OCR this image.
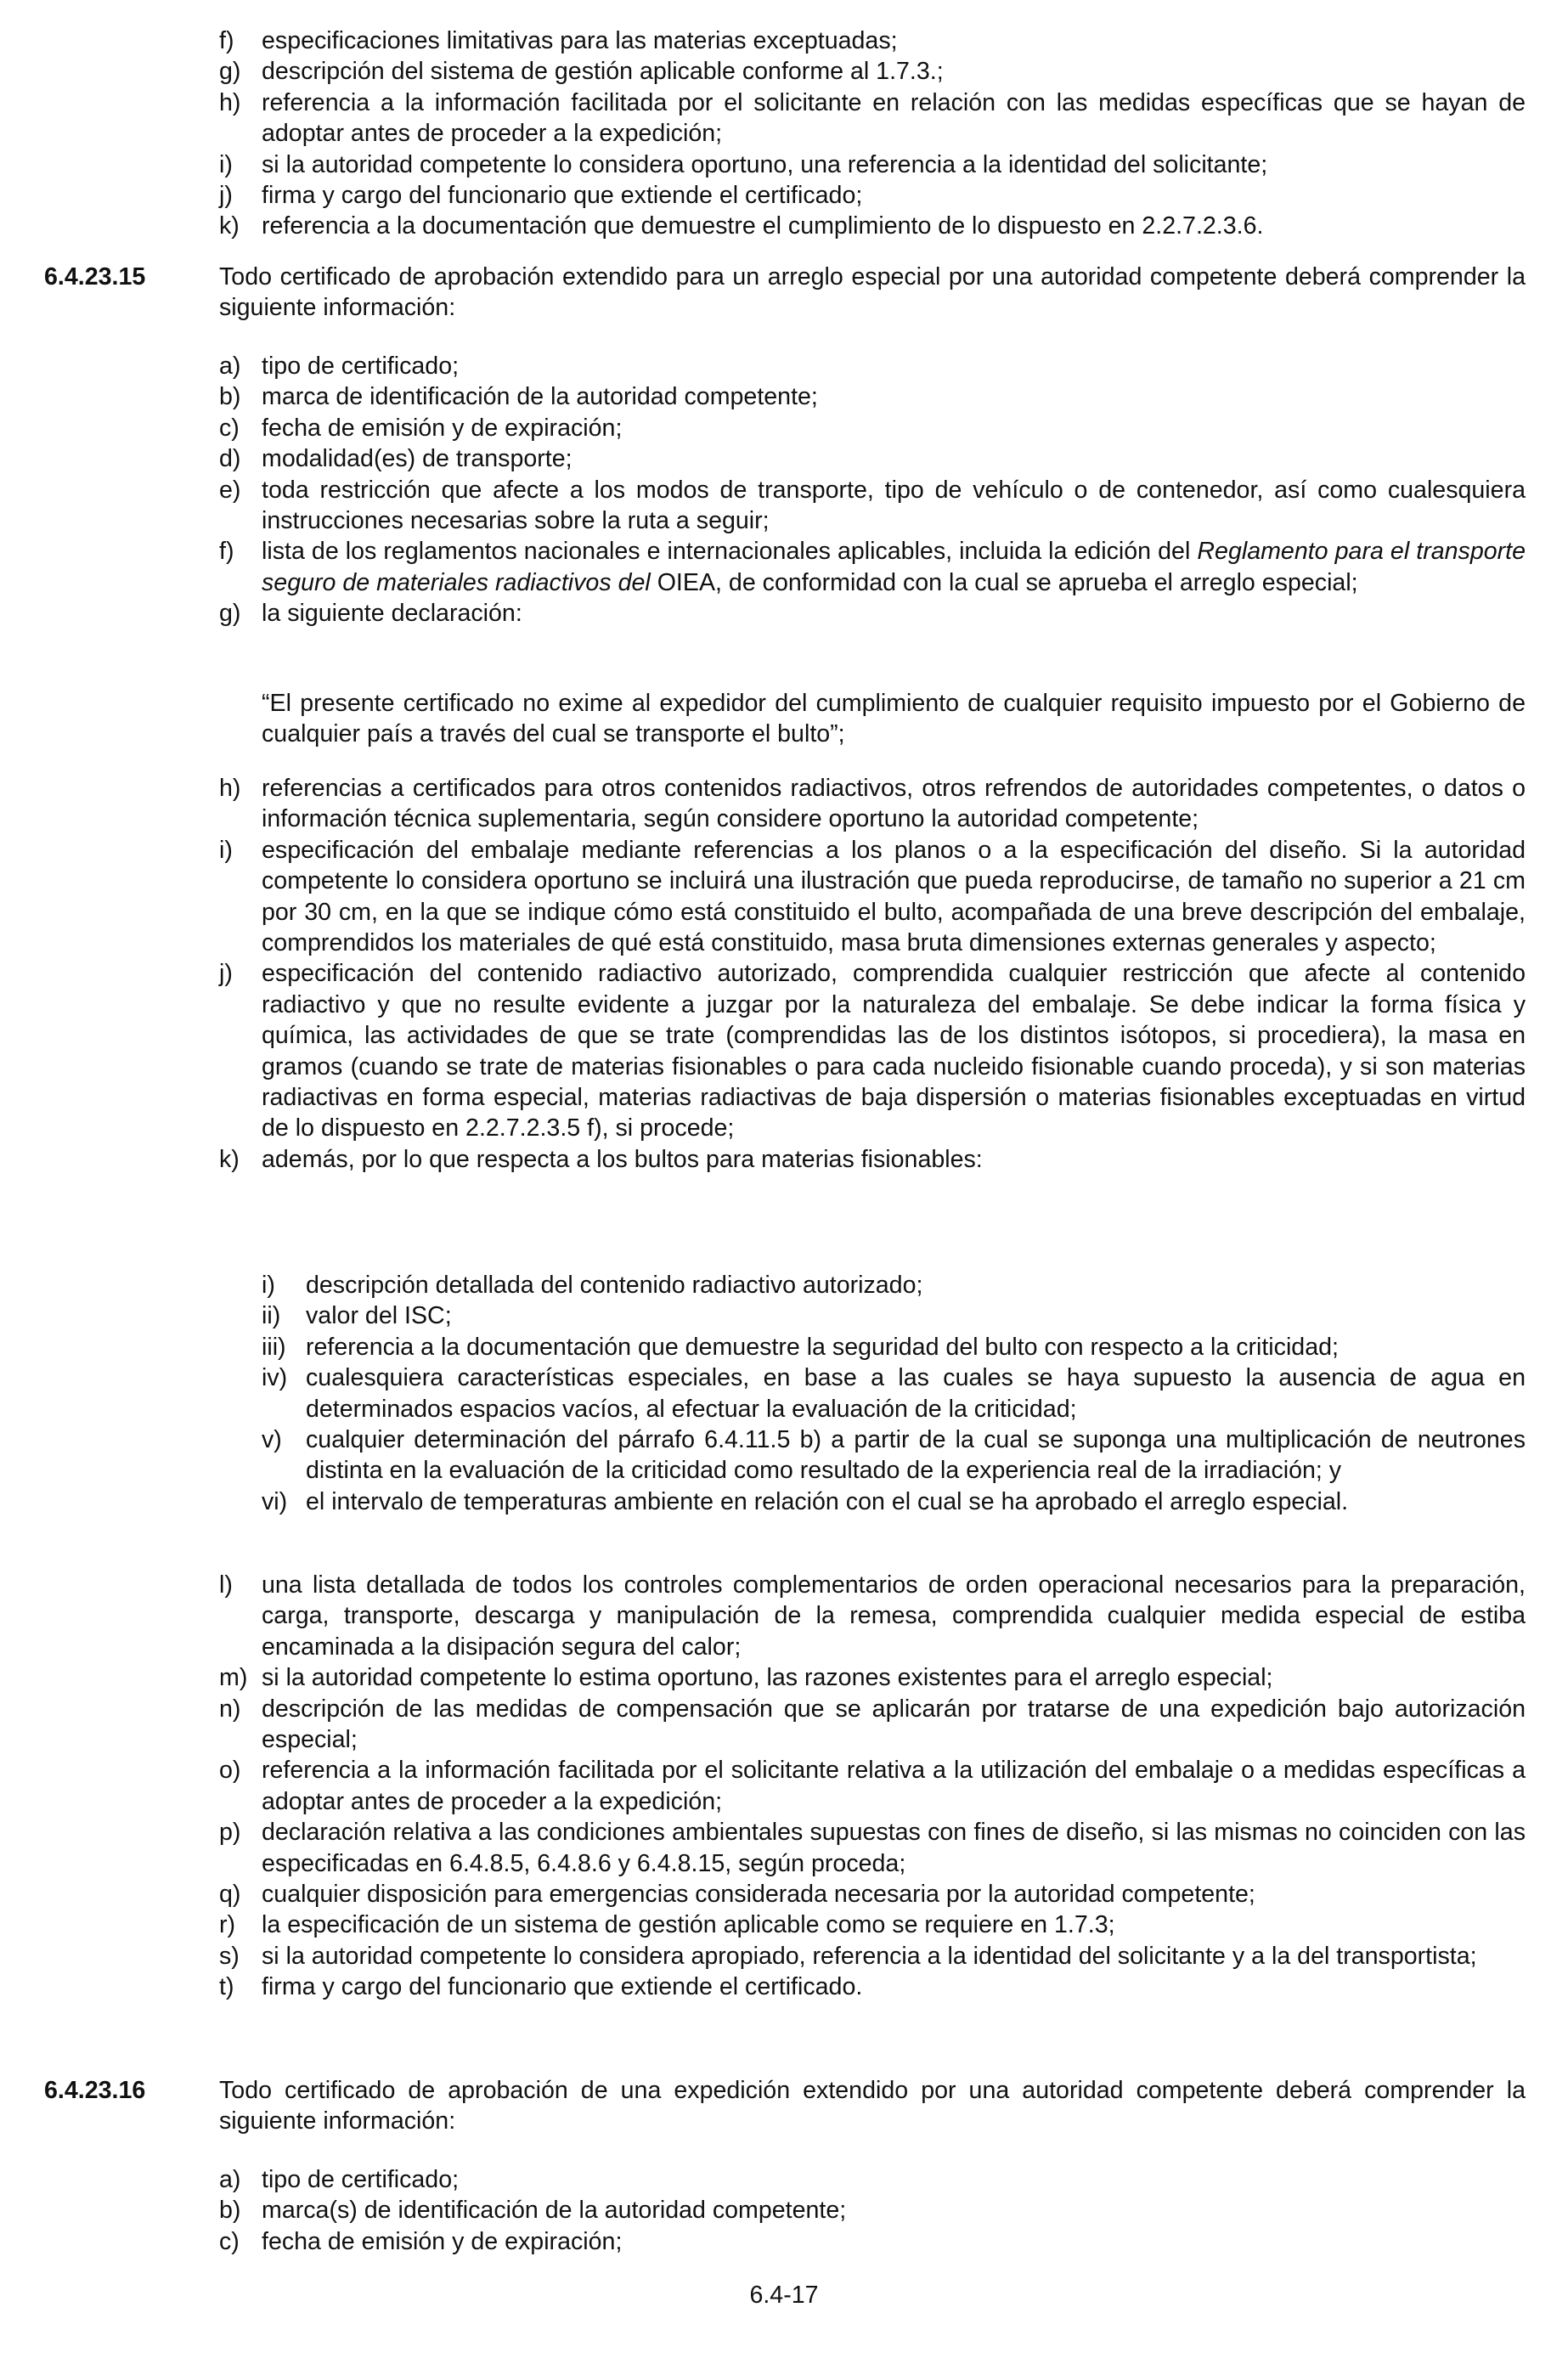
f) especificaciones limitativas para las materias exceptuadas;
g) descripción del sistema de gestión aplicable conforme al 1.7.3.;
h) referencia a la información facilitada por el solicitante en relación con las medidas específicas que se hayan de adoptar antes de proceder a la expedición;
i) si la autoridad competente lo considera oportuno, una referencia a la identidad del solicitante;
j) firma y cargo del funcionario que extiende el certificado;
k) referencia a la documentación que demuestre el cumplimiento de lo dispuesto en 2.2.7.2.3.6.
6.4.23.15	Todo certificado de aprobación extendido para un arreglo especial por una autoridad competente deberá comprender la siguiente información:
a) tipo de certificado;
b) marca de identificación de la autoridad competente;
c) fecha de emisión y de expiración;
d) modalidad(es) de transporte;
e) toda restricción que afecte a los modos de transporte, tipo de vehículo o de contenedor, así como cualesquiera instrucciones necesarias sobre la ruta a seguir;
f) lista de los reglamentos nacionales e internacionales aplicables, incluida la edición del Reglamento para el transporte seguro de materiales radiactivos del OIEA, de conformidad con la cual se aprueba el arreglo especial;
g) la siguiente declaración:
“El presente certificado no exime al expedidor del cumplimiento de cualquier requisito impuesto por el Gobierno de cualquier país a través del cual se transporte el bulto”;
h) referencias a certificados para otros contenidos radiactivos, otros refrendos de autoridades competentes, o datos o información técnica suplementaria, según considere oportuno la autoridad competente;
i) especificación del embalaje mediante referencias a los planos o a la especificación del diseño. Si la autoridad competente lo considera oportuno se incluirá una ilustración que pueda reproducirse, de tamaño no superior a 21 cm por 30 cm, en la que se indique cómo está constituido el bulto, acompañada de una breve descripción del embalaje, comprendidos los materiales de qué está constituido, masa bruta dimensiones externas generales y aspecto;
j) especificación del contenido radiactivo autorizado, comprendida cualquier restricción que afecte al contenido radiactivo y que no resulte evidente a juzgar por la naturaleza del embalaje. Se debe indicar la forma física y química, las actividades de que se trate (comprendidas las de los distintos isótopos, si procediera), la masa en gramos (cuando se trate de materias fisionables o para cada nucleido fisionable cuando proceda), y si son materias radiactivas en forma especial, materias radiactivas de baja dispersión o materias fisionables exceptuadas en virtud de lo dispuesto en 2.2.7.2.3.5 f), si procede;
k) además, por lo que respecta a los bultos para materias fisionables:
i) descripción detallada del contenido radiactivo autorizado;
ii) valor del ISC;
iii) referencia a la documentación que demuestre la seguridad del bulto con respecto a la criticidad;
iv) cualesquiera características especiales, en base a las cuales se haya supuesto la ausencia de agua en determinados espacios vacíos, al efectuar la evaluación de la criticidad;
v) cualquier determinación del párrafo 6.4.11.5 b) a partir de la cual se suponga una multiplicación de neutrones distinta en la evaluación de la criticidad como resultado de la experiencia real de la irradiación; y
vi) el intervalo de temperaturas ambiente en relación con el cual se ha aprobado el arreglo especial.
l) una lista detallada de todos los controles complementarios de orden operacional necesarios para la preparación, carga, transporte, descarga y manipulación de la remesa, comprendida cualquier medida especial de estiba encaminada a la disipación segura del calor;
m) si la autoridad competente lo estima oportuno, las razones existentes para el arreglo especial;
n) descripción de las medidas de compensación que se aplicarán por tratarse de una expedición bajo autorización especial;
o) referencia a la información facilitada por el solicitante relativa a la utilización del embalaje o a medidas específicas a adoptar antes de proceder a la expedición;
p) declaración relativa a las condiciones ambientales supuestas con fines de diseño, si las mismas no coinciden con las especificadas en 6.4.8.5, 6.4.8.6 y 6.4.8.15, según proceda;
q) cualquier disposición para emergencias considerada necesaria por la autoridad competente;
r) la especificación de un sistema de gestión aplicable como se requiere en 1.7.3;
s) si la autoridad competente lo considera apropiado, referencia a la identidad del solicitante y a la del transportista;
t) firma y cargo del funcionario que extiende el certificado.
6.4.23.16	Todo certificado de aprobación de una expedición extendido por una autoridad competente deberá comprender la siguiente información:
a) tipo de certificado;
b) marca(s) de identificación de la autoridad competente;
c) fecha de emisión y de expiración;
6.4-17
